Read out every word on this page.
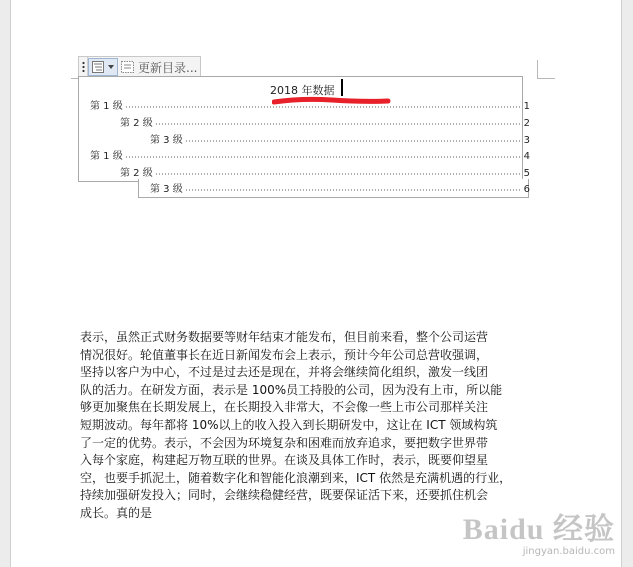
更新目录...
2018 年数据
第 1 级	1
第 2 级	2
第 3 级	3
第 1 级	4
第 2 级	5
第 3 级	6
表示，虽然正式财务数据要等财年结束才能发布，但目前来看，整个公司运营
情况很好。轮值董事长在近日新闻发布会上表示，预计今年公司总营收强调，
坚持以客户为中心，不过是过去还是现在，并将会继续简化组织，激发一线团
队的活力。在研发方面，表示是 100%员工持股的公司，因为没有上市，所以能
够更加聚焦在长期发展上，在长期投入非常大，不会像一些上市公司那样关注
短期波动。每年都将 10%以上的收入投入到长期研发中，这让在 ICT 领域构筑
了一定的优势。表示，不会因为环境复杂和困难而放弃追求，要把数字世界带
入每个家庭，构建起万物互联的世界。在谈及具体工作时，表示，既要仰望星
空，也要手抓泥土，随着数字化和智能化浪潮到来，ICT 依然是充满机遇的行业，
持续加强研发投入；同时，会继续稳健经营，既要保证活下来，还要抓住机会
成长。真的是
Baidu 经验
jingyan.baidu.com
